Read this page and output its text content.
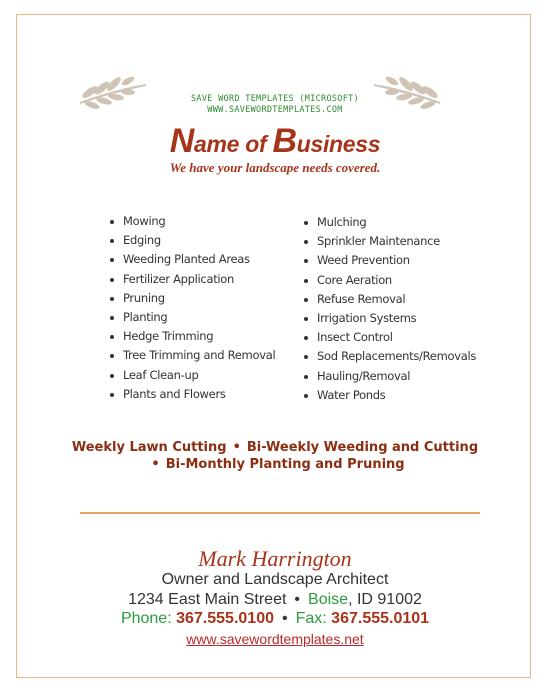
SAVE WORD TEMPLATES (MICROSOFT)
WWW.SAVEWORDTEMPLATES.COM
Name of Business
We have your landscape needs covered.
Mowing
Edging
Weeding Planted Areas
Fertilizer Application
Pruning
Planting
Hedge Trimming
Tree Trimming and Removal
Leaf Clean-up
Plants and Flowers
Mulching
Sprinkler Maintenance
Weed Prevention
Core Aeration
Refuse Removal
Irrigation Systems
Insect Control
Sod Replacements/Removals
Hauling/Removal
Water Ponds
Weekly Lawn Cutting • Bi-Weekly Weeding and Cutting
• Bi-Monthly Planting and Pruning
Mark Harrington
Owner and Landscape Architect
1234 East Main Street • Boise, ID 91002
Phone: 367.555.0100 • Fax: 367.555.0101
www.savewordtemplates.net
